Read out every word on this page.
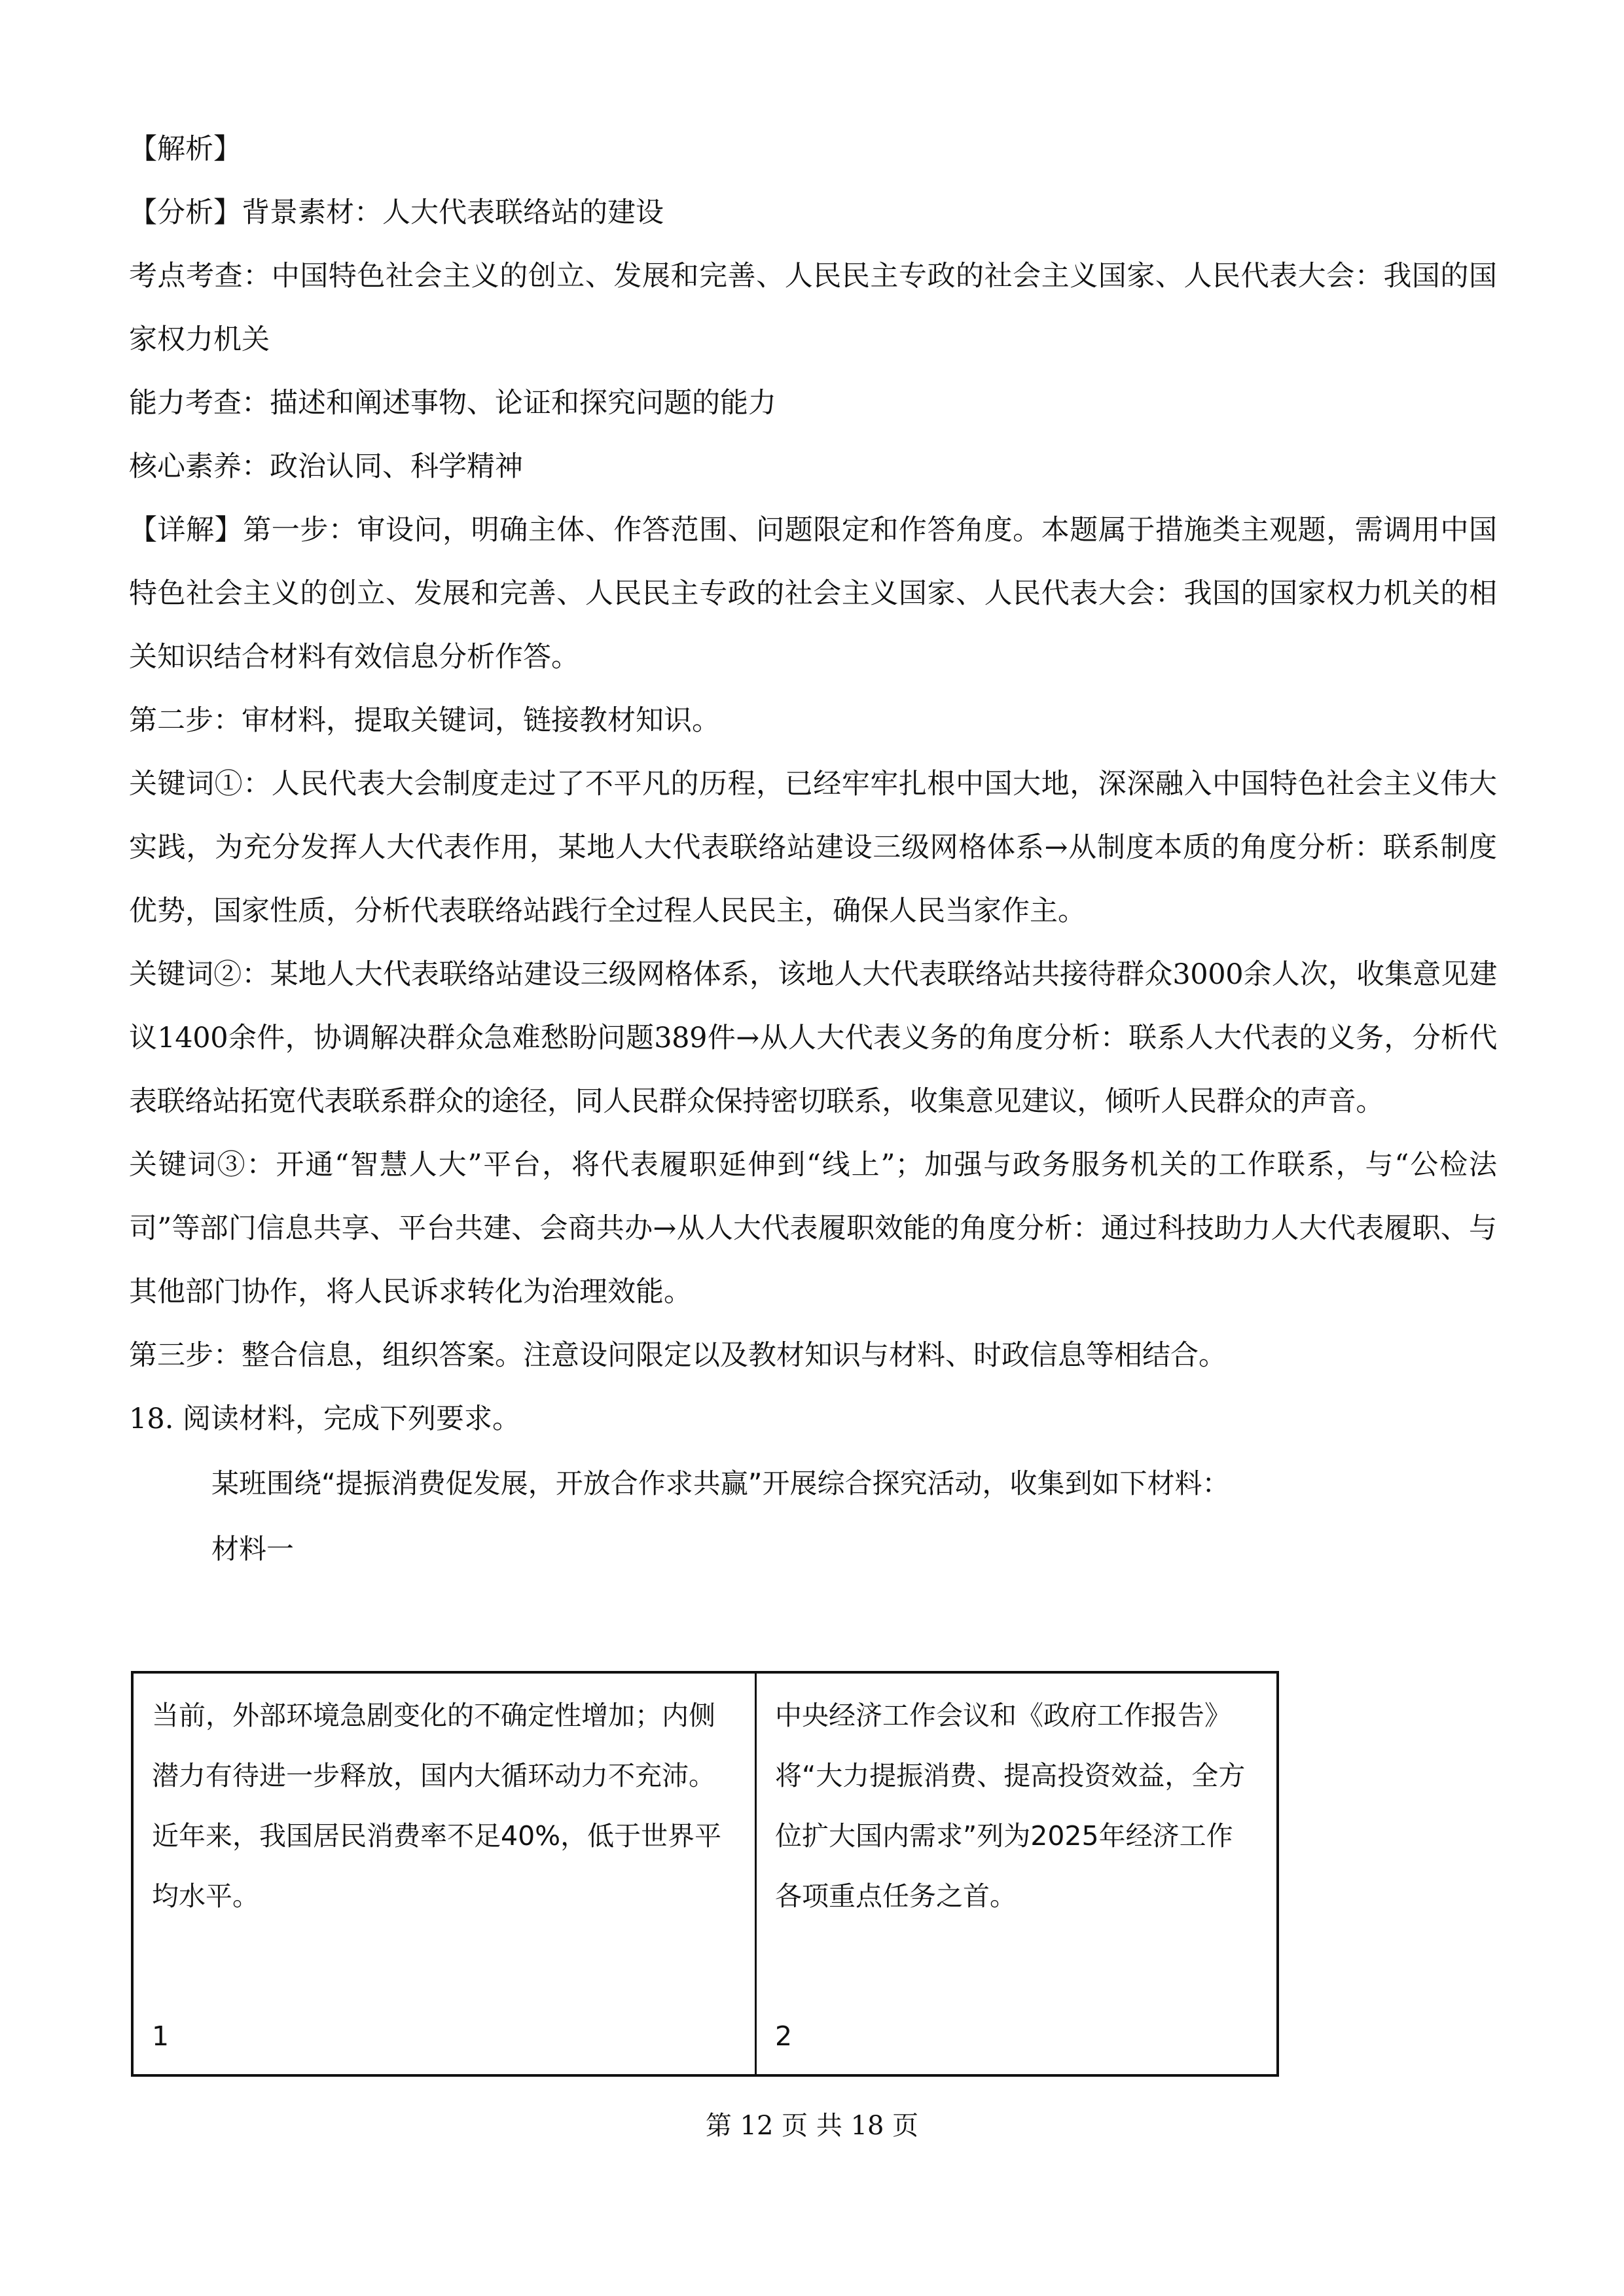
【解析】

【分析】背景素材：人大代表联络站的建设

考点考查：中国特色社会主义的创立、发展和完善、人民民主专政的社会主义国家、人民代表大会：我国的国家权力机关

能力考查：描述和阐述事物、论证和探究问题的能力

核心素养：政治认同、科学精神

【详解】第一步：审设问，明确主体、作答范围、问题限定和作答角度。本题属于措施类主观题，需调用中国特色社会主义的创立、发展和完善、人民民主专政的社会主义国家、人民代表大会：我国的国家权力机关的相关知识结合材料有效信息分析作答。

第二步：审材料，提取关键词，链接教材知识。

关键词①：人民代表大会制度走过了不平凡的历程，已经牢牢扎根中国大地，深深融入中国特色社会主义伟大实践，为充分发挥人大代表作用，某地人大代表联络站建设三级网格体系→从制度本质的角度分析：联系制度优势，国家性质，分析代表联络站践行全过程人民民主，确保人民当家作主。

关键词②：某地人大代表联络站建设三级网格体系，该地人大代表联络站共接待群众3000余人次，收集意见建议1400余件，协调解决群众急难愁盼问题389件→从人大代表义务的角度分析：联系人大代表的义务，分析代表联络站拓宽代表联系群众的途径，同人民群众保持密切联系，收集意见建议，倾听人民群众的声音。

关键词③：开通“智慧人大”平台，将代表履职延伸到“线上”；加强与政务服务机关的工作联系，与“公检法司”等部门信息共享、平台共建、会商共办→从人大代表履职效能的角度分析：通过科技助力人大代表履职、与其他部门协作，将人民诉求转化为治理效能。

第三步：整合信息，组织答案。注意设问限定以及教材知识与材料、时政信息等相结合。

18. 阅读材料，完成下列要求。

某班围绕“提振消费促发展，开放合作求共赢”开展综合探究活动，收集到如下材料：

材料一

当前，外部环境急剧变化的不确定性增加；内侧潜力有待进一步释放，国内大循环动力不充沛。

近年来，我国居民消费率不足40%，低于世界平均水平。

1

中央经济工作会议和《政府工作报告》将“大力提振消费、提高投资效益，全方位扩大国内需求”列为2025年经济工作各项重点任务之首。

2
第 12 页 共 18 页
